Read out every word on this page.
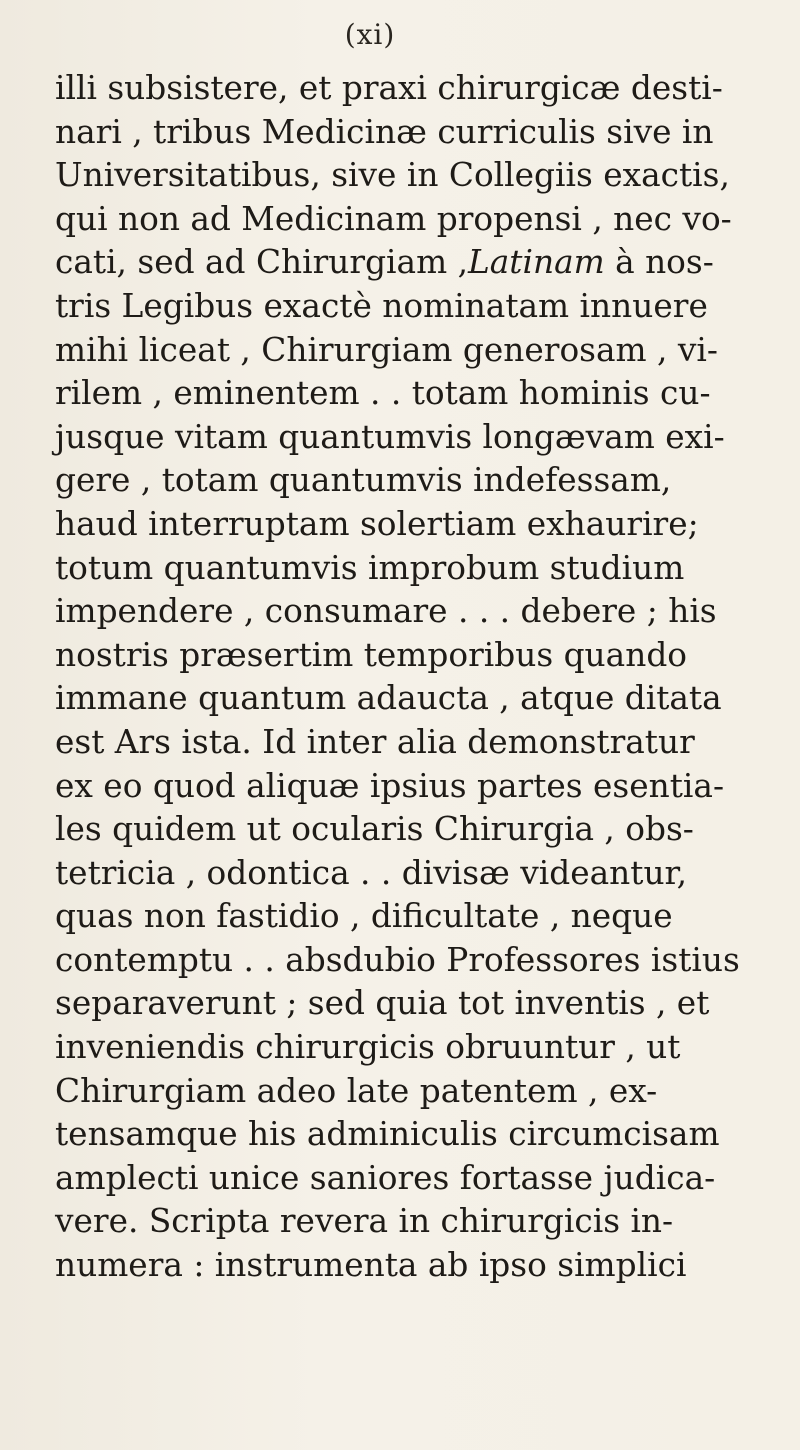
(xi)
illi subsistere, et praxi chirurgicæ desti-
nari , tribus Medicinæ curriculis sive in
Universitatibus, sive in Collegiis exactis,
qui non ad Medicinam propensi , nec vo-
cati, sed ad Chirurgiam ,Latinam à nos-
tris Legibus exactè nominatam innuere
mihi liceat , Chirurgiam generosam , vi-
rilem , eminentem . . totam hominis cu-
jusque vitam quantumvis longævam exi-
gere , totam quantumvis indefessam,
haud interruptam solertiam exhaurire;
totum quantumvis improbum studium
impendere , consumare . . . debere ; his
nostris præsertim temporibus quando
immane quantum adaucta , atque ditata
est Ars ista. Id inter alia demonstratur
ex eo quod aliquæ ipsius partes esentia-
les quidem ut ocularis Chirurgia , obs-
tetricia , odontica . . divisæ videantur,
quas non fastidio , dificultate , neque
contemptu . . absdubio Professores istius
separaverunt ; sed quia tot inventis , et
inveniendis chirurgicis obruuntur , ut
Chirurgiam adeo late patentem , ex-
tensamque his adminiculis circumcisam
amplecti unice saniores fortasse judica-
vere. Scripta revera in chirurgicis in-
numera : instrumenta ab ipso simplici
